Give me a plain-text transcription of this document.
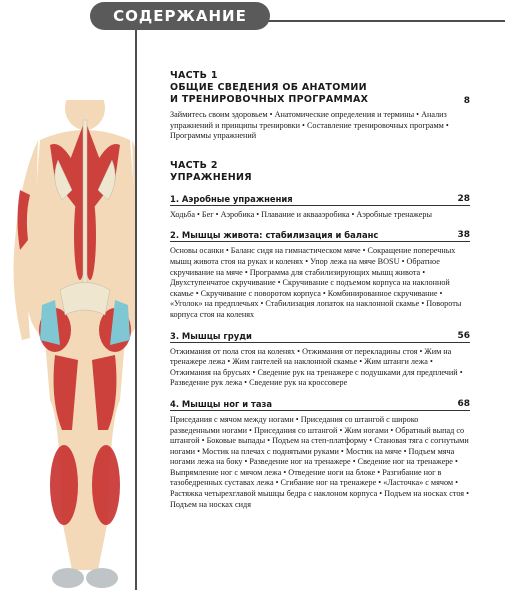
СОДЕРЖАНИЕ
ЧАСТЬ 1
ОБЩИЕ СВЕДЕНИЯ ОБ АНАТОМИИ
И ТРЕНИРОВОЧНЫХ ПРОГРАММАХ	8
Займитесь своим здоровьем • Анатомические определения и термины • Анализ упражнений и принципы тренировки • Составление тренировочных программ • Программы упражнений
ЧАСТЬ 2
УПРАЖНЕНИЯ
1. Аэробные упражнения	28
Ходьба • Бег • Аэробика • Плавание и аквааэробика • Аэробные тренажеры
2. Мышцы живота: стабилизация и баланс	38
Основы осанки • Баланс сидя на гимнастическом мяче • Сокращение поперечных мышц живота стоя на руках и коленях • Упор лежа на мяче BOSU • Обратное скручивание на мяче • Программа для стабилизирующих мышц живота • Двухступенчатое скручивание • Скручивание с подъемом корпуса на наклонной скамье • Скручивание с поворотом корпуса • Комбинированное скручивание • «Уголок» на предплечьях • Стабилизация лопаток на наклонной скамье • Повороты корпуса стоя на коленях
3. Мышцы груди	56
Отжимания от пола стоя на коленях • Отжимания от перекладины стоя • Жим на тренажере лежа • Жим гантелей на наклонной скамье • Жим штанги лежа • Отжимания на брусьях • Сведение рук на тренажере с подушками для предплечий • Разведение рук лежа • Сведение рук на кроссовере
4. Мышцы ног и таза	68
Приседания с мячом между ногами • Приседания со штангой с широко разведенными ногами • Приседания со штангой • Жим ногами • Обратный выпад со штангой • Боковые выпады • Подъем на степ-платформу • Становая тяга с согнутыми ногами • Мостик на плечах с поднятыми руками • Мостик на мяче • Подъем мяча ногами лежа на боку • Разведение ног на тренажере • Сведение ног на тренажере • Выпрямление ног с мячом лежа • Отведение ноги на блоке • Разгибание ног в тазобедренных суставах лежа • Сгибание ног на тренажере • «Ласточка» с мячом • Растяжка четырехглавой мышцы бедра с наклоном корпуса • Подъем на носках стоя • Подъем на носках сидя
